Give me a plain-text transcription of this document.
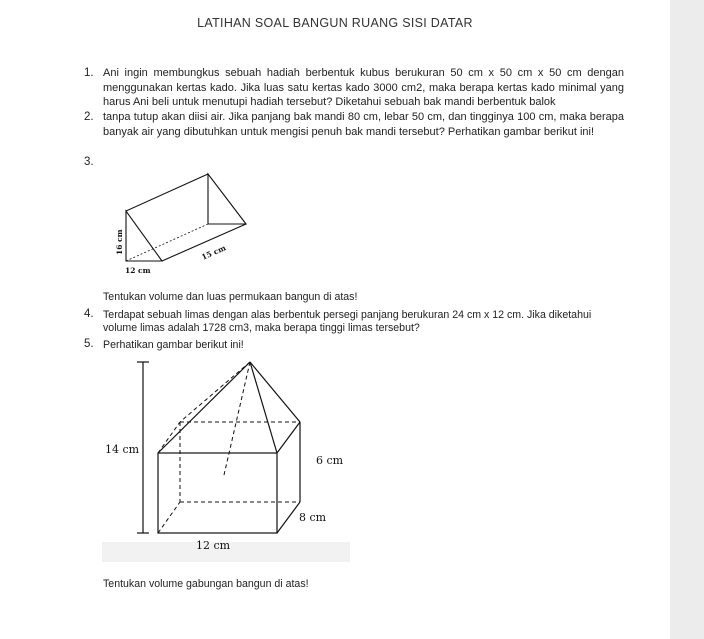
LATIHAN SOAL BANGUN RUANG SISI DATAR
1. Ani ingin membungkus sebuah hadiah berbentuk kubus berukuran 50 cm x 50 cm x 50 cm dengan menggunakan kertas kado. Jika luas satu kertas kado 3000 cm2, maka berapa kertas kado minimal yang harus Ani beli untuk menutupi hadiah tersebut? Diketahui sebuah bak mandi berbentuk balok
2. tanpa tutup akan diisi air. Jika panjang bak mandi 80 cm, lebar 50 cm, dan tingginya 100 cm, maka berapa banyak air yang dibutuhkan untuk mengisi penuh bak mandi tersebut? Perhatikan gambar berikut ini!
3.
16 cm
12 cm
15 cm
Tentukan volume dan luas permukaan bangun di atas!
4. Terdapat sebuah limas dengan alas berbentuk persegi panjang berukuran 24 cm x 12 cm. Jika diketahui volume limas adalah 1728 cm3, maka berapa tinggi limas tersebut?
5. Perhatikan gambar berikut ini!
14 cm
6 cm
8 cm
12 cm
Tentukan volume gabungan bangun di atas!
